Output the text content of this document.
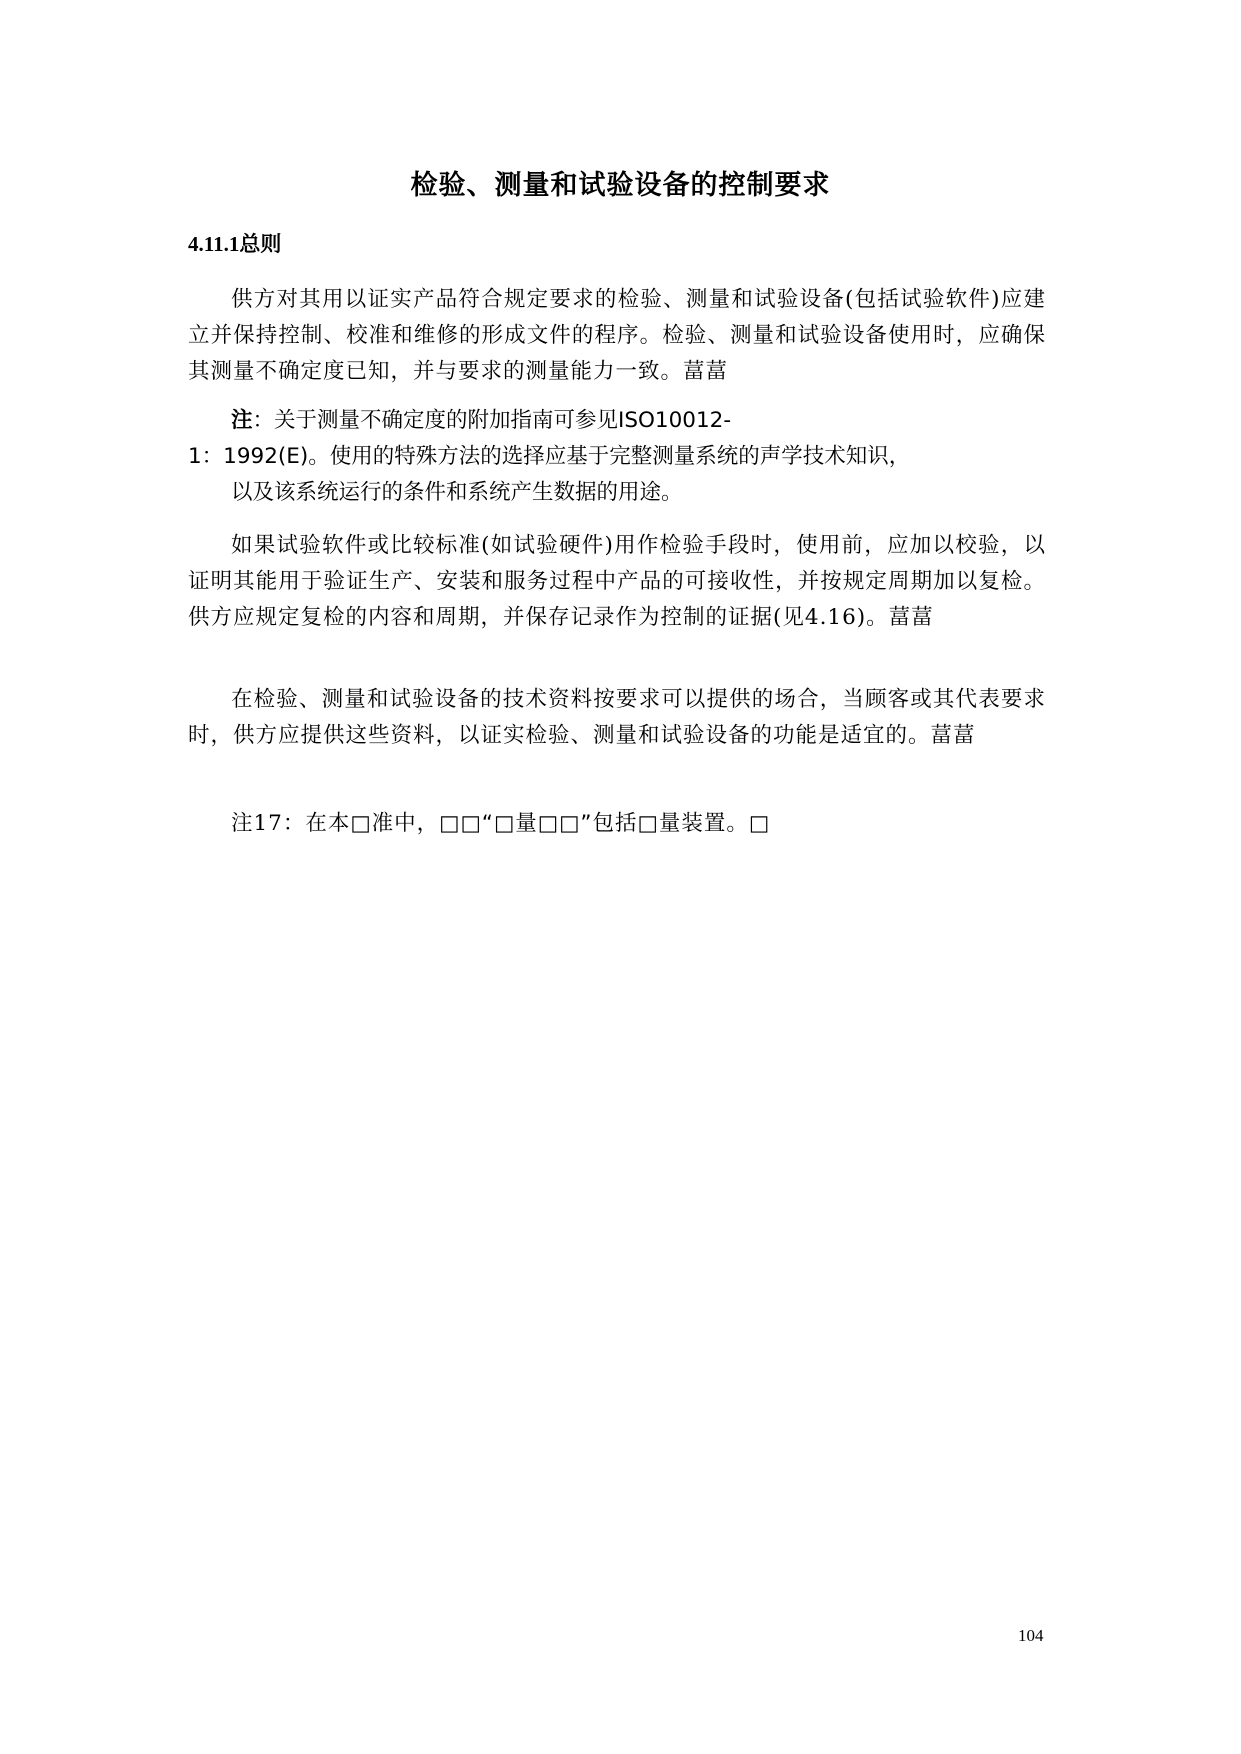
检验、测量和试验设备的控制要求
4.11.1总则
供方对其用以证实产品符合规定要求的检验、测量和试验设备(包括试验软件)应建立并保持控制、校准和维修的形成文件的程序。检验、测量和试验设备使用时，应确保其测量不确定度已知，并与要求的测量能力一致。葍葍
注：关于测量不确定度的附加指南可参见ISO10012-
1：1992(E)。使用的特殊方法的选择应基于完整测量系统的声学技术知识，
以及该系统运行的条件和系统产生数据的用途。
如果试验软件或比较标准(如试验硬件)用作检验手段时，使用前，应加以校验，以证明其能用于验证生产、安装和服务过程中产品的可接收性，并按规定周期加以复检。供方应规定复检的内容和周期，并保存记录作为控制的证据(见4.16)。葍葍
在检验、测量和试验设备的技术资料按要求可以提供的场合，当顾客或其代表要求时，供方应提供这些资料，以证实检验、测量和试验设备的功能是适宜的。葍葍
注17：在本□准中，□□“□量□□”包括□量装置。□
104
